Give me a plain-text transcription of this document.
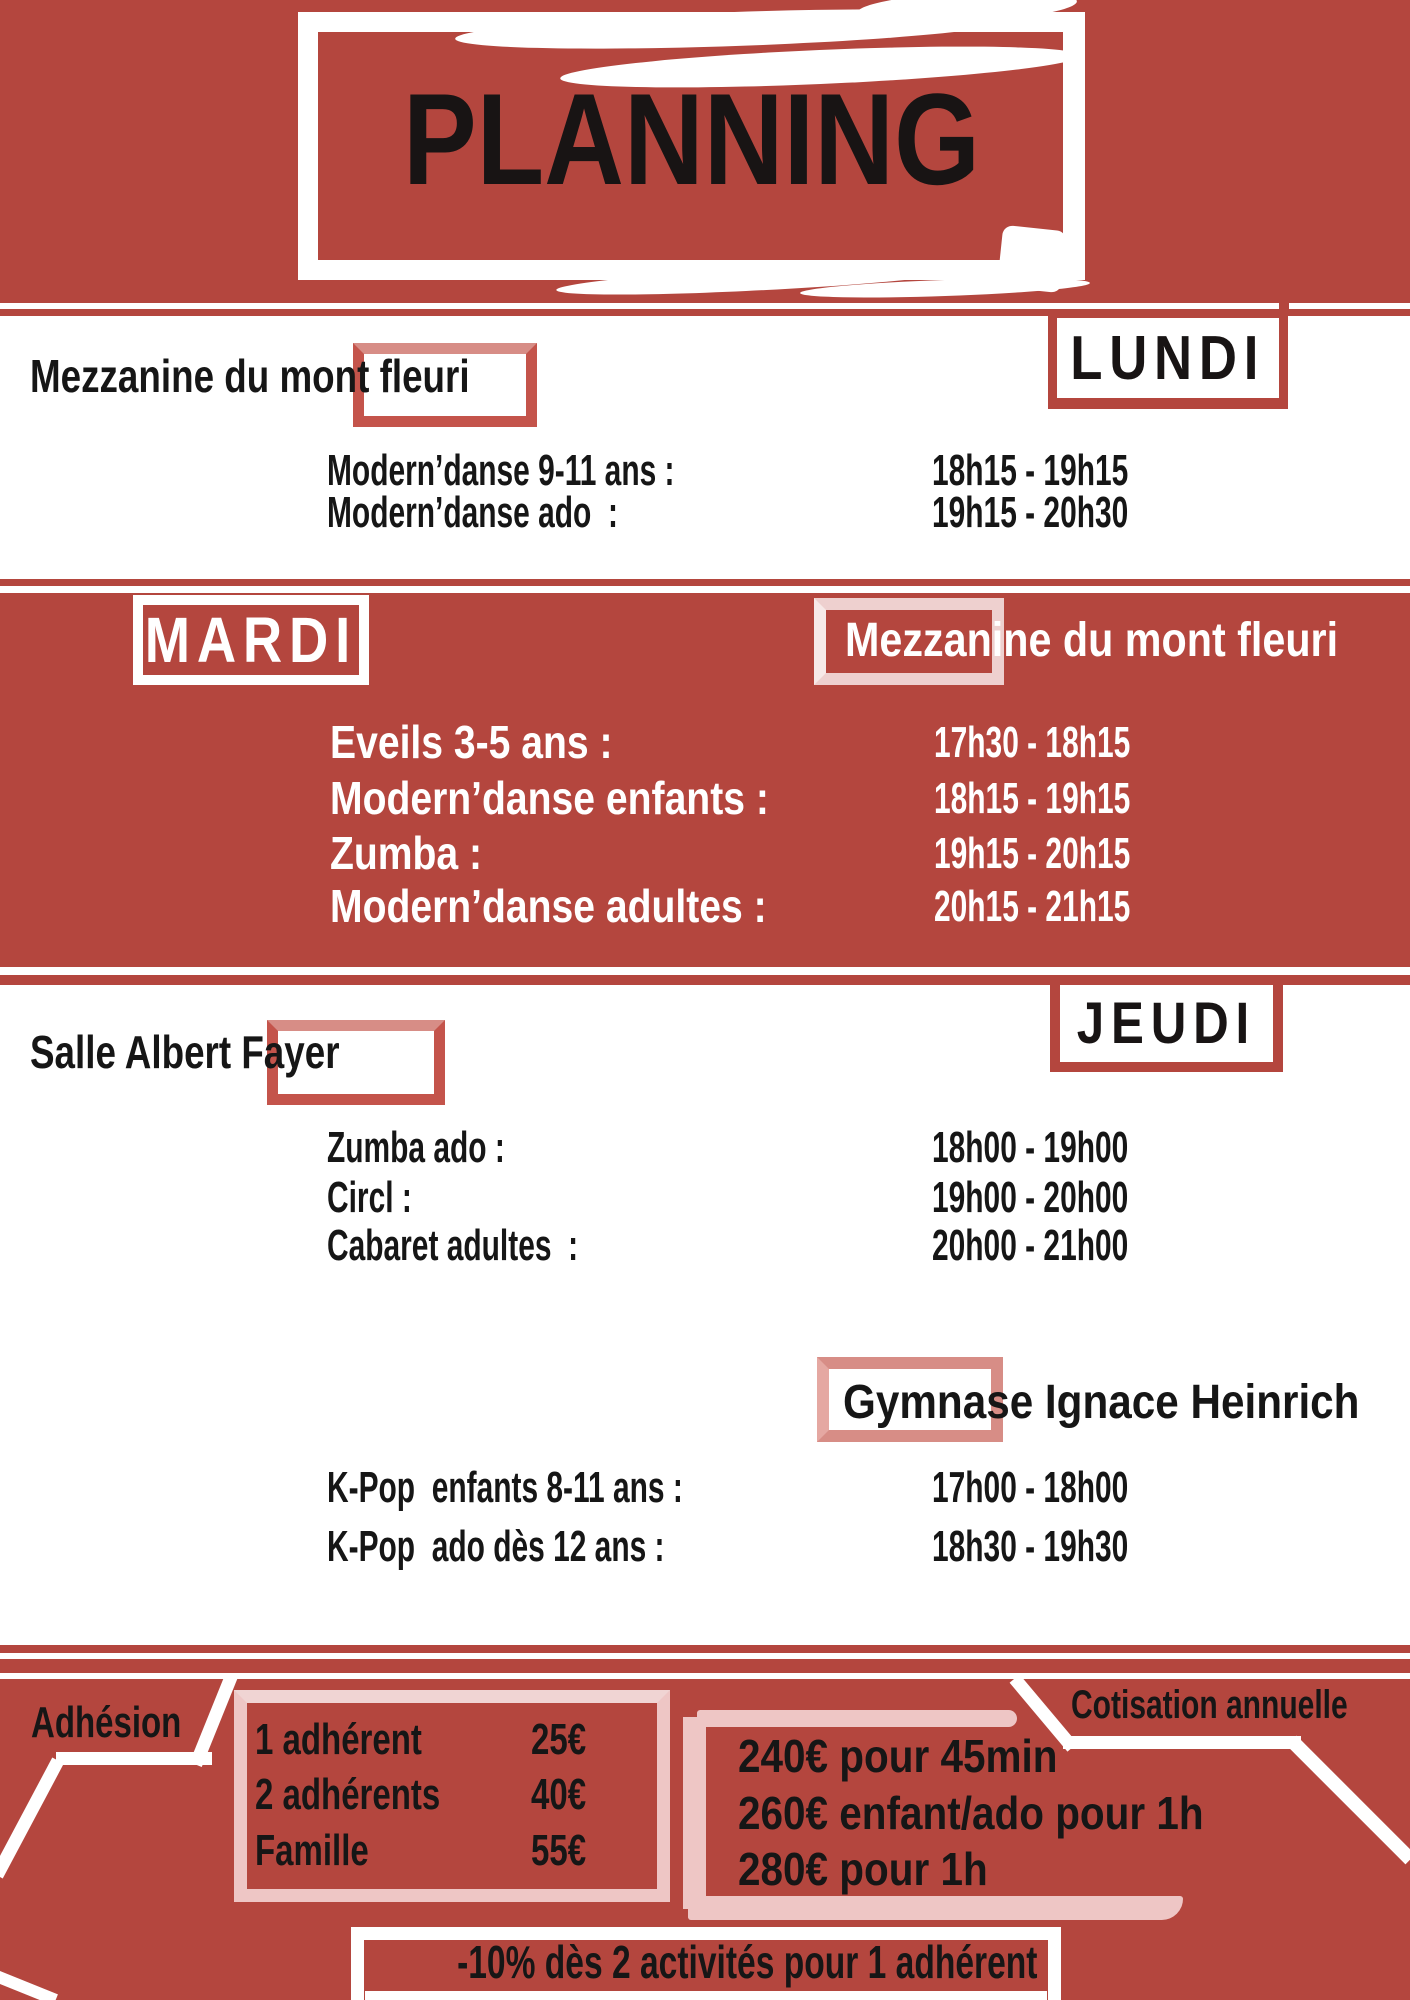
PLANNING
LUNDI
Mezzanine du mont fleuri
Modern’danse 9-11 ans :	18h15 - 19h15
Modern’danse ado  :	19h15 - 20h30
MARDI	Mezzanine du mont fleuri
Eveils 3-5 ans :	17h30 - 18h15
Modern’danse enfants :	18h15 - 19h15
Zumba :	19h15 - 20h15
Modern’danse adultes :	20h15 - 21h15
JEUDI
Salle Albert Fayer
Zumba ado :	18h00 - 19h00
Circl :	19h00 - 20h00
Cabaret adultes  :	20h00 - 21h00
Gymnase Ignace Heinrich
K-Pop  enfants 8-11 ans :	17h00 - 18h00
K-Pop  ado dès 12 ans :	18h30 - 19h30
Adhésion	Cotisation annuelle
1 adhérent 25€
2 adhérents 40€
Famille	55€
240€ pour 45min
260€ enfant/ado pour 1h
280€ pour 1h
-10% dès 2 activités pour 1 adhérent
